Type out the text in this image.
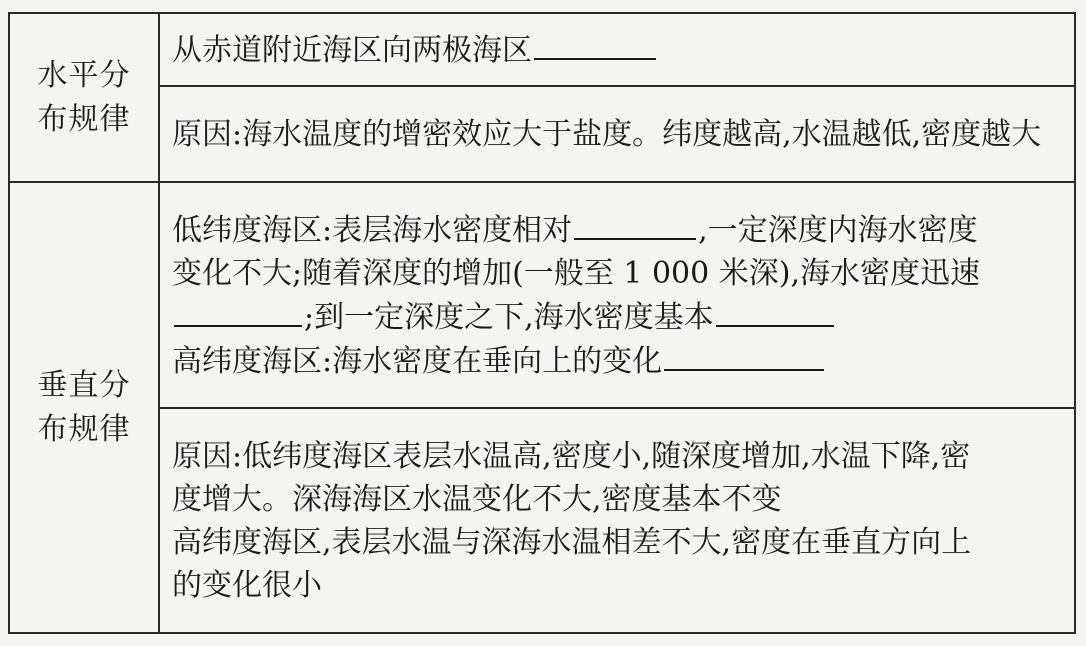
水平分
布规律	从赤道附近海区向两极海区

	原因:海水温度的增密效应大于盐度。纬度越高,水温越低,密度越大

垂直分
布规律	低纬度海区:表层海水密度相对 ,一定深度内海水密度
变化不大;随着深度的增加(一般至 1 000 米深),海水密度迅速
;到一定深度之下,海水密度基本
高纬度海区:海水密度在垂向上的变化

	原因:低纬度海区表层水温高,密度小,随深度增加,水温下降,密
度增大。深海海区水温变化不大,密度基本不变
高纬度海区,表层水温与深海水温相差不大,密度在垂直方向上
的变化很小
